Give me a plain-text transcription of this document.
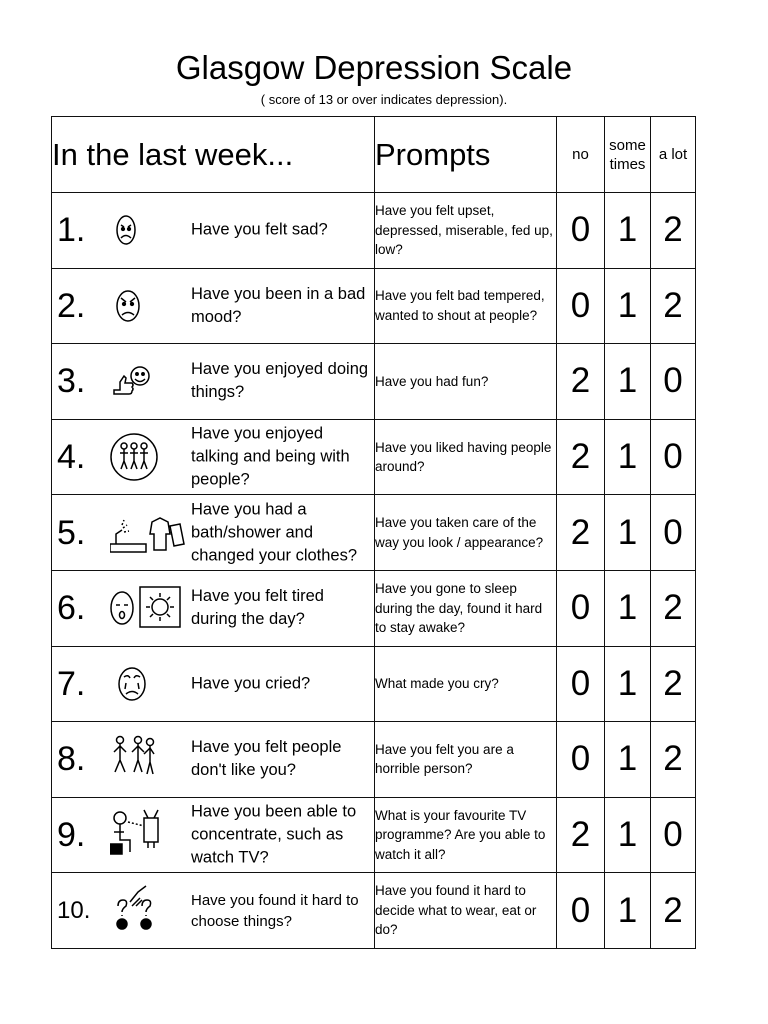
Glasgow Depression Scale
( score of 13 or over indicates depression).
In the last week...	Prompts	no	some times	a lot

1. Have you felt sad?	Have you felt upset, depressed, miserable, fed up, low?	0	1	2

2. Have you been in a bad mood?	Have you felt bad tempered, wanted to shout at people?	0	1	2

3. Have you enjoyed doing things?	Have you had fun?	2	1	0

4.
Have you enjoyed talking and being with people?	Have you liked having people around?	2	1	0

5.
Have you had a bath/shower and changed your clothes?	Have you taken care of the way you look / appearance?	2	1	0

6. Have you felt tired during the day?	Have you gone to sleep during the day, found it hard to stay awake?	0	1	2

7. Have you cried?	What made you cry?	0	1	2

8. Have you felt people don't like you?	Have you felt you are a horrible person?	0	1	2

9.
Have you been able to concentrate, such as watch TV?	What is your favourite TV programme? Are you able to watch it all?	2	1	0

10. Have you found it hard to choose things?	Have you found it hard to decide what to wear, eat or do?	0	1	2
